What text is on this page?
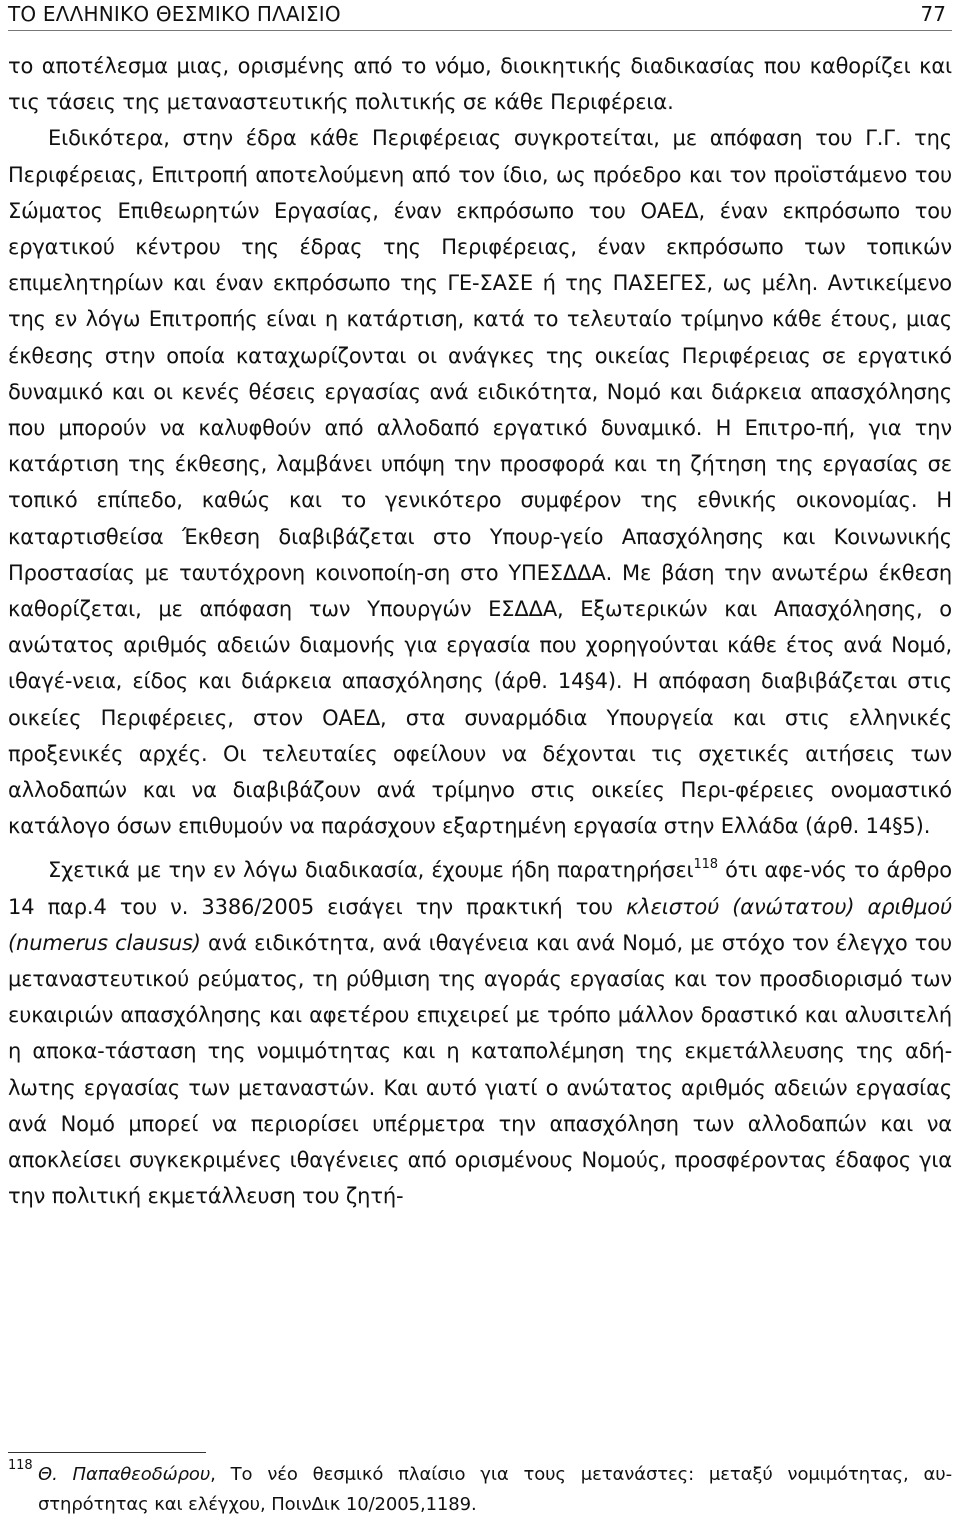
ΤΟ ΕΛΛΗΝΙΚΟ ΘΕΣΜΙΚΟ ΠΛΑΙΣΙΟ	77

το αποτέλεσμα μιας, ορισμένης από το νόμο, διοικητικής διαδικασίας που καθορίζει και τις τάσεις της μεταναστευτικής πολιτικής σε κάθε Περιφέρεια.

Ειδικότερα, στην έδρα κάθε Περιφέρειας συγκροτείται, με απόφαση του Γ.Γ. της Περιφέρειας, Επιτροπή αποτελούμενη από τον ίδιο, ως πρόεδρο και τον προϊστάμενο του Σώματος Επιθεωρητών Εργασίας, έναν εκπρόσωπο του ΟΑΕΔ, έναν εκπρόσωπο του εργατικού κέντρου της έδρας της Περιφέρειας, έναν εκπρόσωπο των τοπικών επιμελητηρίων και έναν εκπρόσωπο της ΓΕ-ΣΑΣΕ ή της ΠΑΣΕΓΕΣ, ως μέλη. Αντικείμενο της εν λόγω Επιτροπής είναι η κατάρτιση, κατά το τελευταίο τρίμηνο κάθε έτους, μιας έκθεσης στην οποία καταχωρίζονται οι ανάγκες της οικείας Περιφέρειας σε εργατικό δυναμικό και οι κενές θέσεις εργασίας ανά ειδικότητα, Νομό και διάρκεια απασχόλησης που μπορούν να καλυφθούν από αλλοδαπό εργατικό δυναμικό. Η Επιτρο-πή, για την κατάρτιση της έκθεσης, λαμβάνει υπόψη την προσφορά και τη ζήτηση της εργασίας σε τοπικό επίπεδο, καθώς και το γενικότερο συμφέρον της εθνικής οικονομίας. Η καταρτισθείσα Έκθεση διαβιβάζεται στο Υπουρ-γείο Απασχόλησης και Κοινωνικής Προστασίας με ταυτόχρονη κοινοποίη-ση στο ΥΠΕΣΔΔΑ. Με βάση την ανωτέρω έκθεση καθορίζεται, με απόφαση των Υπουργών ΕΣΔΔΑ, Εξωτερικών και Απασχόλησης, ο ανώτατος αριθμός αδειών διαμονής για εργασία που χορηγούνται κάθε έτος ανά Νομό, ιθαγέ-νεια, είδος και διάρκεια απασχόλησης (άρθ. 14§4). Η απόφαση διαβιβάζεται στις οικείες Περιφέρειες, στον ΟΑΕΔ, στα συναρμόδια Υπουργεία και στις ελληνικές προξενικές αρχές. Οι τελευταίες οφείλουν να δέχονται τις σχετικές αιτήσεις των αλλοδαπών και να διαβιβάζουν ανά τρίμηνο στις οικείες Περι-φέρειες ονομαστικό κατάλογο όσων επιθυμούν να παράσχουν εξαρτημένη εργασία στην Ελλάδα (άρθ. 14§5).

Σχετικά με την εν λόγω διαδικασία, έχουμε ήδη παρατηρήσει$^{118}$ ότι αφε-νός το άρθρο 14 παρ.4 του ν. 3386/2005 εισάγει την πρακτική του κλειστού (ανώτατου) αριθμού (numerus clausus) ανά ειδικότητα, ανά ιθαγένεια και ανά Νομό, με στόχο τον έλεγχο του μεταναστευτικού ρεύματος, τη ρύθμιση της αγοράς εργασίας και τον προσδιορισμό των ευκαιριών απασχόλησης και αφετέρου επιχειρεί με τρόπο μάλλον δραστικό και αλυσιτελή η αποκα-τάσταση της νομιμότητας και η καταπολέμηση της εκμετάλλευσης της αδή-λωτης εργασίας των μεταναστών. Και αυτό γιατί ο ανώτατος αριθμός αδειών εργασίας ανά Νομό μπορεί να περιορίσει υπέρμετρα την απασχόληση των αλλοδαπών και να αποκλείσει συγκεκριμένες ιθαγένειες από ορισμένους Νομούς, προσφέροντας έδαφος για την πολιτική εκμετάλλευση του ζητή-

118 Θ. Παπαθεοδώρου, Το νέο θεσμικό πλαίσιο για τους μετανάστες: μεταξύ νομιμότητας, αυ-στηρότητας και ελέγχου, ΠοινΔικ 10/2005,1189.
